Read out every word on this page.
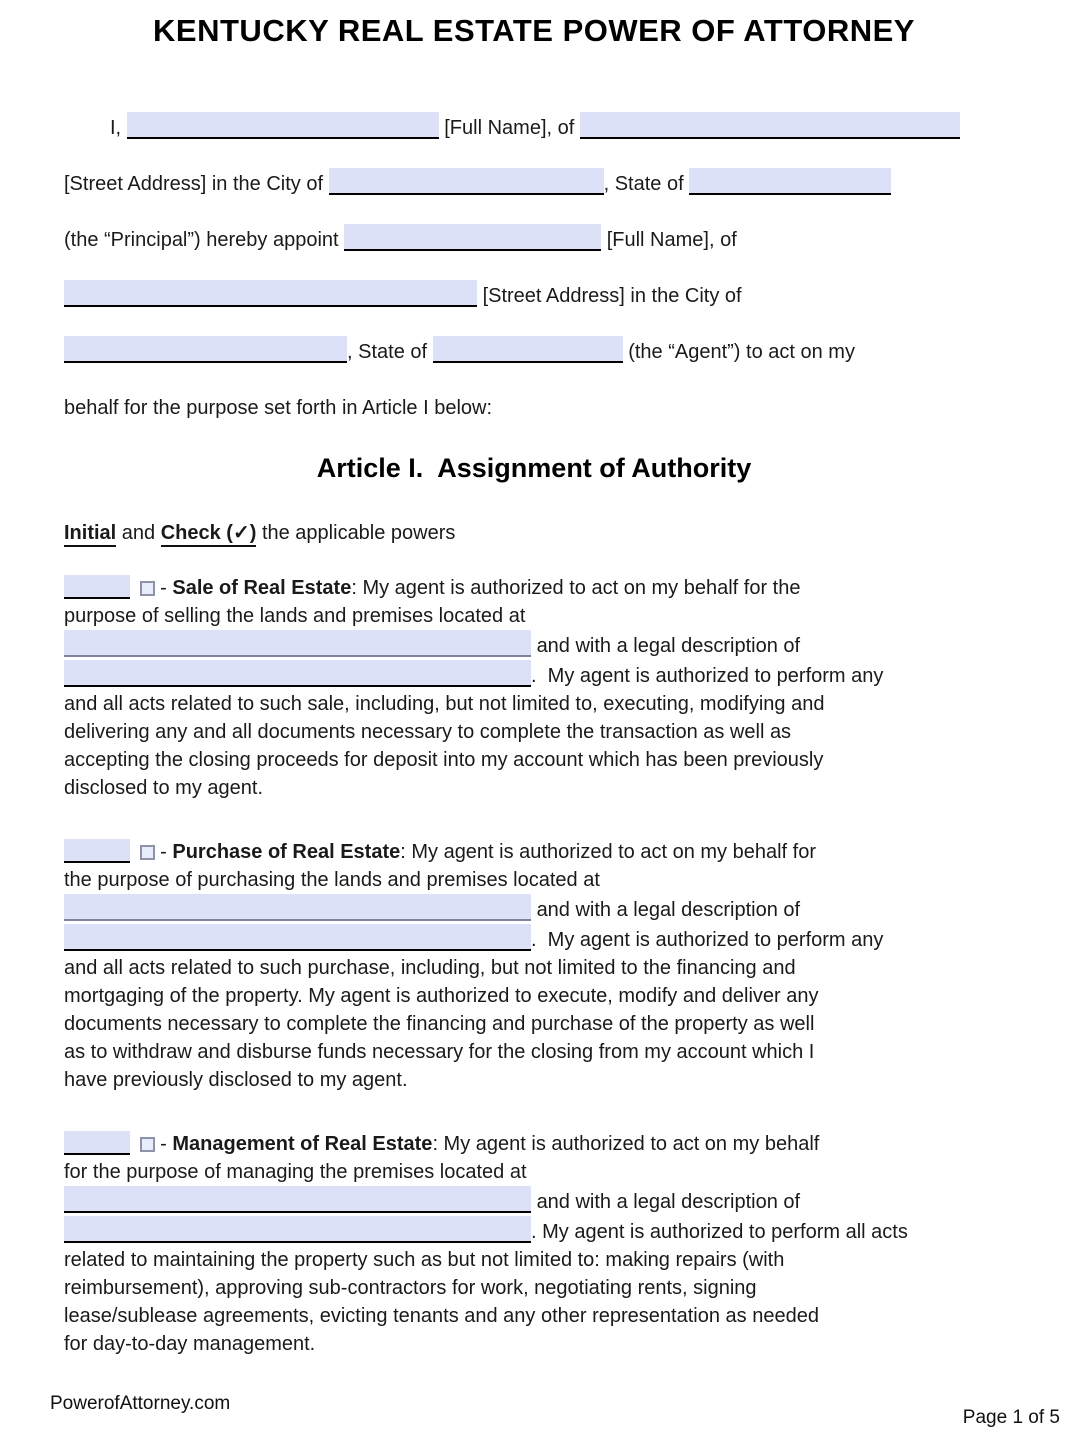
KENTUCKY REAL ESTATE POWER OF ATTORNEY
I,	[Full Name], of
[Street Address] in the City of	, State of
(the “Principal”) hereby appoint	[Full Name], of
[Street Address] in the City of
, State of	(the “Agent”) to act on my
behalf for the purpose set forth in Article I below:
Article I.  Assignment of Authority
Initial and Check (✓) the applicable powers
- Sale of Real Estate: My agent is authorized to act on my behalf for the
purpose of selling the lands and premises located at
and with a legal description of
.  My agent is authorized to perform any
and all acts related to such sale, including, but not limited to, executing, modifying and
delivering any and all documents necessary to complete the transaction as well as
accepting the closing proceeds for deposit into my account which has been previously
disclosed to my agent.
- Purchase of Real Estate: My agent is authorized to act on my behalf for
the purpose of purchasing the lands and premises located at
and with a legal description of
.  My agent is authorized to perform any
and all acts related to such purchase, including, but not limited to the financing and
mortgaging of the property. My agent is authorized to execute, modify and deliver any
documents necessary to complete the financing and purchase of the property as well
as to withdraw and disburse funds necessary for the closing from my account which I
have previously disclosed to my agent.
- Management of Real Estate: My agent is authorized to act on my behalf
for the purpose of managing the premises located at
and with a legal description of
. My agent is authorized to perform all acts
related to maintaining the property such as but not limited to: making repairs (with
reimbursement), approving sub-contractors for work, negotiating rents, signing
lease/sublease agreements, evicting tenants and any other representation as needed
for day-to-day management.
PowerofAttorney.com
Page 1 of 5
